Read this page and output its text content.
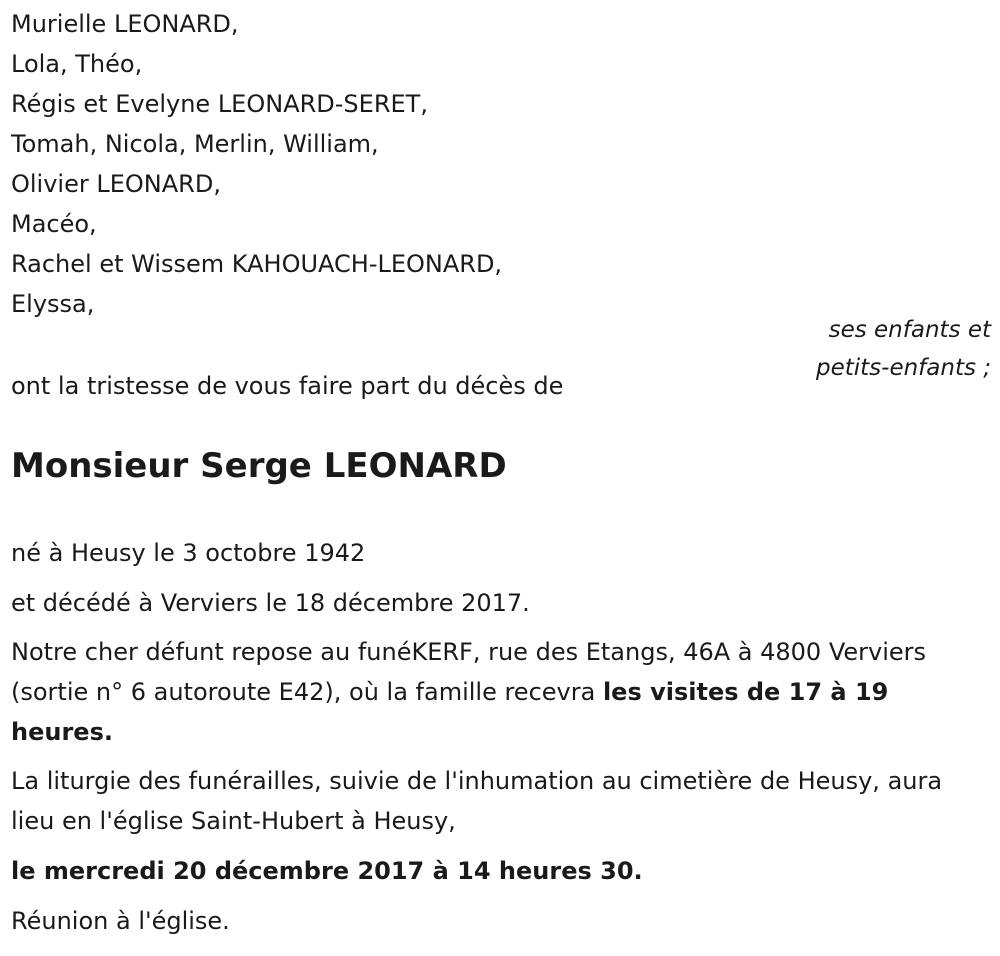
Murielle LEONARD,
Lola, Théo,
Régis et Evelyne LEONARD-SERET,
Tomah, Nicola, Merlin, William,
Olivier LEONARD,
Macéo,
Rachel et Wissem KAHOUACH-LEONARD,
Elyssa,
ses enfants et
petits-enfants ;

ont la tristesse de vous faire part du décès de

Monsieur Serge LEONARD

né à Heusy le 3 octobre 1942

et décédé à Verviers le 18 décembre 2017.

Notre cher défunt repose au funéKERF, rue des Etangs, 46A à 4800 Verviers (sortie n° 6 autoroute E42), où la famille recevra les visites de 17 à 19 heures.

La liturgie des funérailles, suivie de l'inhumation au cimetière de Heusy, aura lieu en l'église Saint-Hubert à Heusy,

le mercredi 20 décembre 2017 à 14 heures 30.

Réunion à l'église.
